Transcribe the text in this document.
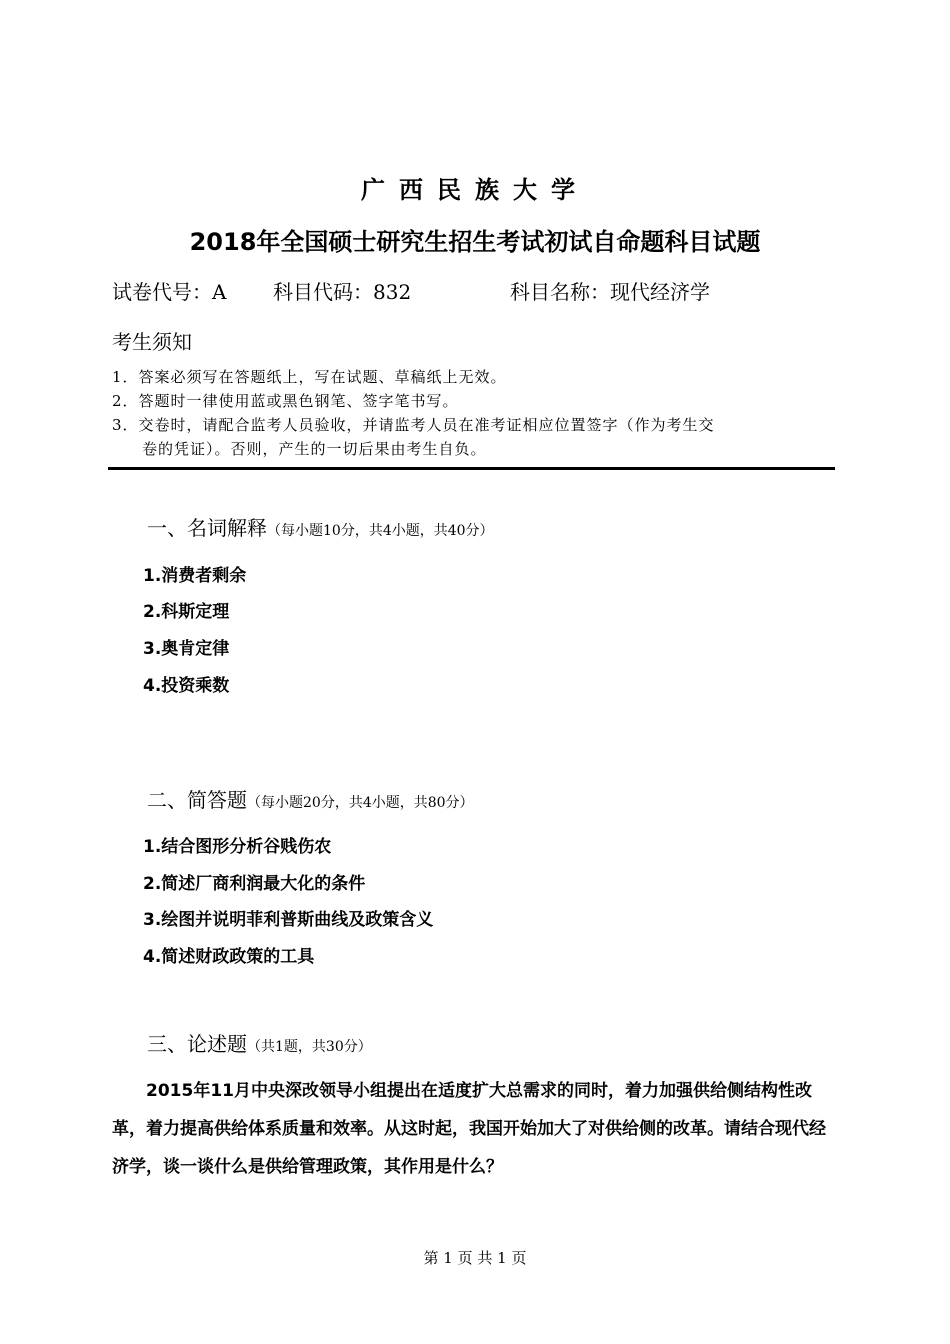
广西民族大学
2018年全国硕士研究生招生考试初试自命题科目试题
试卷代号：A 科目代码：832	科目名称：现代经济学
考生须知
1．答案必须写在答题纸上，写在试题、草稿纸上无效。
2．答题时一律使用蓝或黑色钢笔、签字笔书写。
3．交卷时，请配合监考人员验收，并请监考人员在准考证相应位置签字（作为考生交
卷的凭证）。否则，产生的一切后果由考生自负。
一、名词解释（每小题10分，共4小题，共40分）
1.消费者剩余
2.科斯定理
3.奥肯定律
4.投资乘数
二、简答题（每小题20分，共4小题，共80分）
1.结合图形分析谷贱伤农
2.简述厂商利润最大化的条件
3.绘图并说明菲利普斯曲线及政策含义
4.简述财政政策的工具
三、论述题（共1题，共30分）
2015年11月中央深改领导小组提出在适度扩大总需求的同时，着力加强供给侧结构性改革，着力提高供给体系质量和效率。从这时起，我国开始加大了对供给侧的改革。请结合现代经济学，谈一谈什么是供给管理政策，其作用是什么？
第 1 页 共 1 页
